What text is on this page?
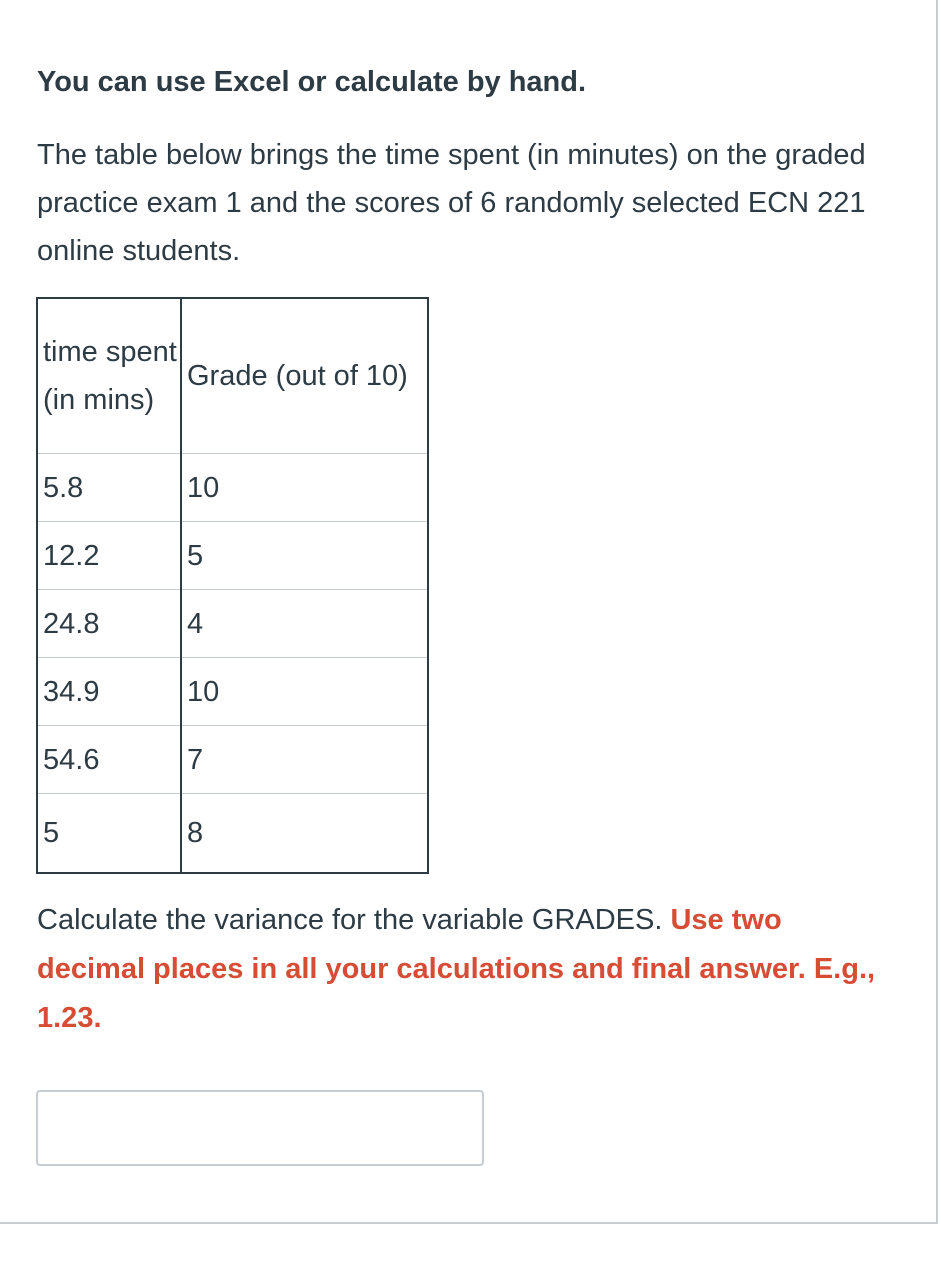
You can use Excel or calculate by hand.

The table below brings the time spent (in minutes) on the graded practice exam 1 and the scores of 6 randomly selected ECN 221 online students.

time spent (in mins)	Grade (out of 10)
5.8	10
12.2	5
24.8	4
34.9	10
54.6	7
5	8

Calculate the variance for the variable GRADES. Use two decimal places in all your calculations and final answer. E.g., 1.23.
